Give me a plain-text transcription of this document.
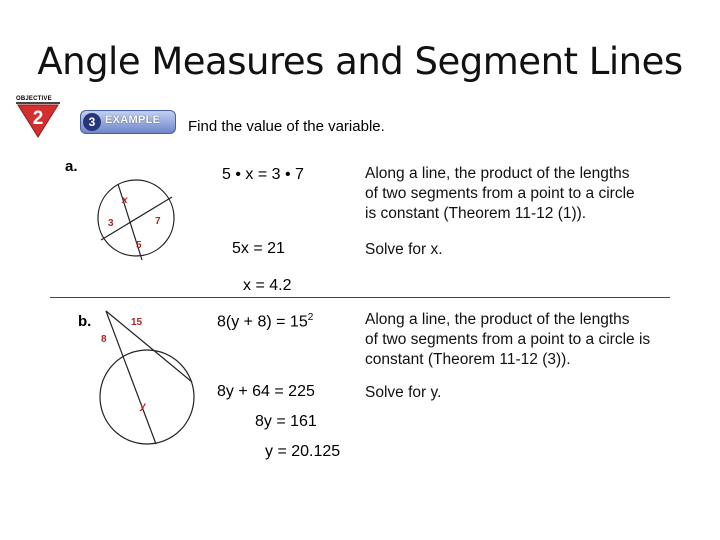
Angle Measures and Segment Lines
OBJECTIVE
2	3 EXAMPLE Find the value of the variable.
a.
x
3	7
5
5 • x = 3 • 7	Along a line, the product of the lengths
of two segments from a point to a circle
is constant (Theorem 11-12 (1)).
5x = 21	Solve for x.
x = 4.2
b.	15
8
y
$8(y + 8) = 15^2$	Along a line, the product of the lengths
of two segments from a point to a circle is
constant (Theorem 11-12 (3)).
8y + 64 = 225	Solve for y.
8y = 161
y = 20.125
